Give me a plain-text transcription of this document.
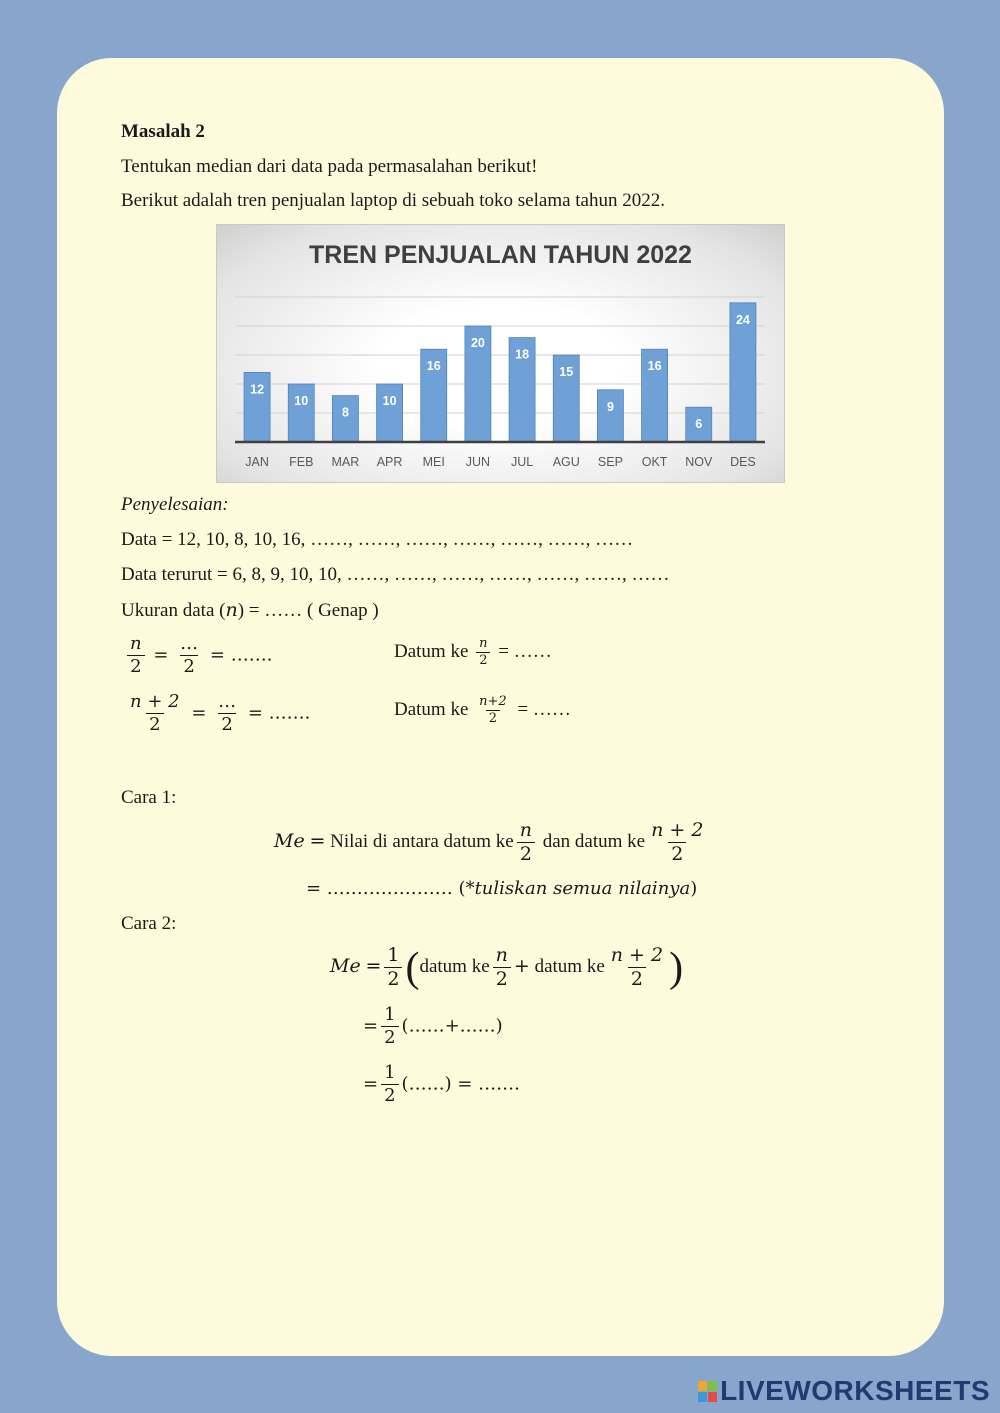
Masalah 2
Tentukan median dari data pada permasalahan berikut!
Berikut adalah tren penjualan laptop di sebuah toko selama tahun 2022.
TREN PENJUALAN TAHUN 2022
12
JAN
10
FEB
8
MAR
10
APR
16
MEI
20
JUN
18
JUL
15
AGU
9
SEP
16
OKT
6
NOV
24
DES
Penyelesaian:
Data = 12, 10, 8, 10, 16, ……, ……, ……, ……, ……, ……, ……
Data terurut = 6, 8, 9, 10, 10, ……, ……, ……, ……, ……, ……, ……
Ukuran data (n) = …… ( Genap )
$\frac{n}{2} = \frac{\dots}{2}$ = …….	Datum ke $\frac{n}{2}$ = ……
$\frac{n + 2}{2} = \frac{\dots}{2}$ = …….	Datum ke $\frac{n+2}{2}$ = ……
Cara 1:
Me = Nilai di antara datum ke $\frac{n}{2}$ dan datum ke $\frac{n + 2}{2}$
= ………………… (*tuliskan semua nilainya)
Cara 2:
$Me = \frac{1}{2}$ (datum ke $\frac{n}{2}$ + datum ke $\frac{n + 2}{2}$ )
= $\frac{1}{2}$ (……+……)
= $\frac{1}{2}$ (……) = …….
LIVEWORKSHEETS
